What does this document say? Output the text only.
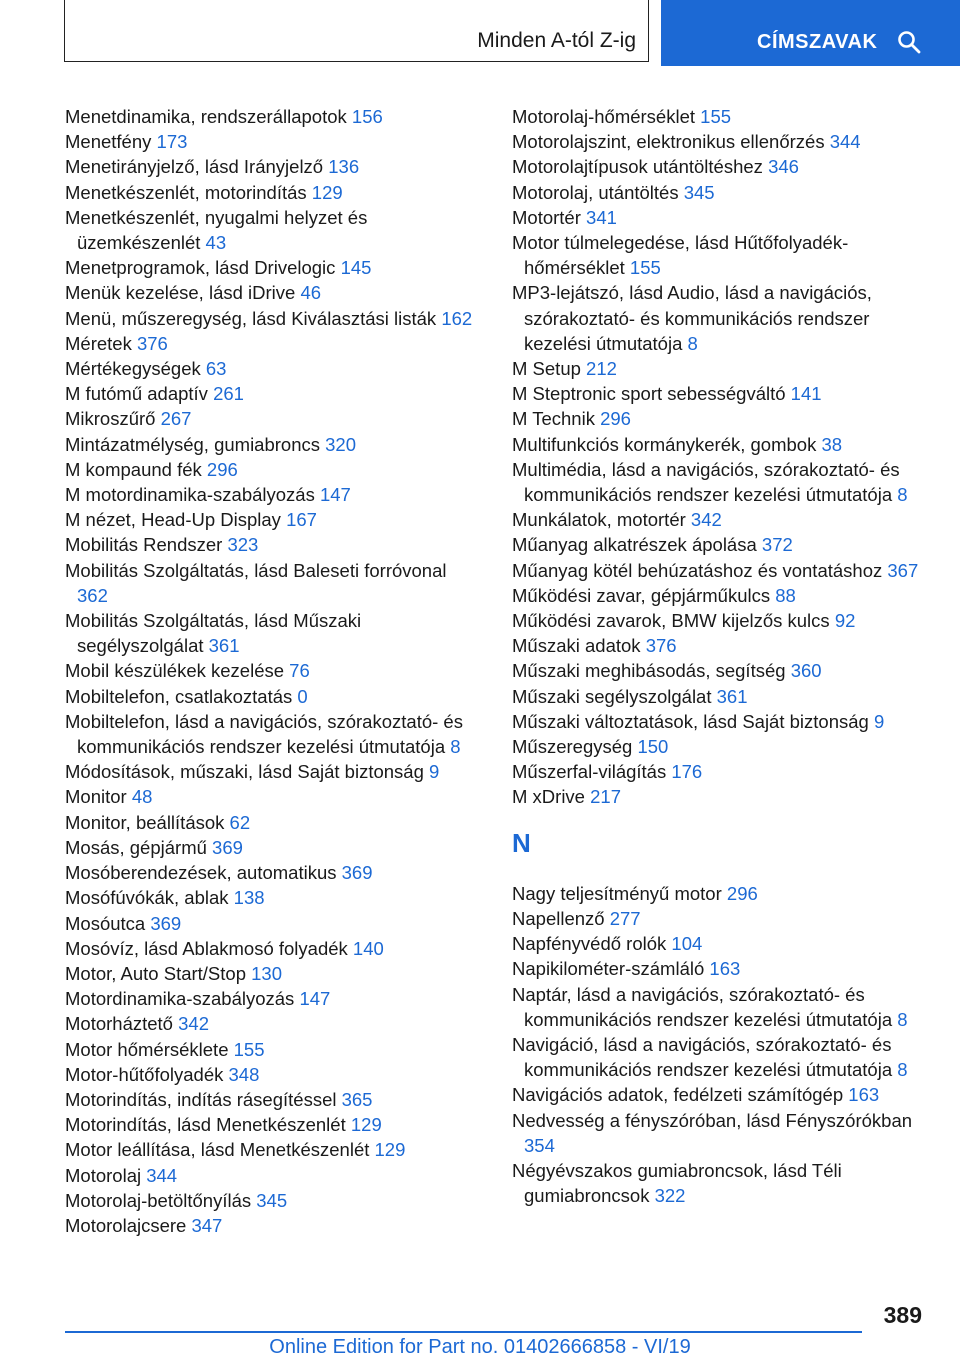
Minden A-tól Z-ig	CÍMSZAVAK
Menetdinamika, rendszerállapotok 156
Menetfény 173
Menetirányjelző, lásd Irányjelző 136
Menetkészenlét, motorindítás 129
Menetkészenlét, nyugalmi helyzet és üzemkészenlét 43
Menetprogramok, lásd Drivelogic 145
Menük kezelése, lásd iDrive 46
Menü, műszeregység, lásd Kiválasztási listák 162
Méretek 376
Mértékegységek 63
M futómű adaptív 261
Mikroszűrő 267
Mintázatmélység, gumiabroncs 320
M kompaund fék 296
M motordinamika-szabályozás 147
M nézet, Head-Up Display 167
Mobilitás Rendszer 323
Mobilitás Szolgáltatás, lásd Baleseti forróvonal 362
Mobilitás Szolgáltatás, lásd Műszaki segélyszolgálat 361
Mobil készülékek kezelése 76
Mobiltelefon, csatlakoztatás 0
Mobiltelefon, lásd a navigációs, szórakoztató- és kommunikációs rendszer kezelési útmutatója 8
Módosítások, műszaki, lásd Saját biztonság 9
Monitor 48
Monitor, beállítások 62
Mosás, gépjármű 369
Mosóberendezések, automatikus 369
Mosófúvókák, ablak 138
Mosóutca 369
Mosóvíz, lásd Ablakmosó folyadék 140
Motor, Auto Start/Stop 130
Motordinamika-szabályozás 147
Motorháztető 342
Motor hőmérséklete 155
Motor-hűtőfolyadék 348
Motorindítás, indítás rásegítéssel 365
Motorindítás, lásd Menetkészenlét 129
Motor leállítása, lásd Menetkészenlét 129
Motorolaj 344
Motorolaj-betöltőnyílás 345
Motorolajcsere 347
Motorolaj-hőmérséklet 155
Motorolajszint, elektronikus ellenőrzés 344
Motorolajtípusok utántöltéshez 346
Motorolaj, utántöltés 345
Motortér 341
Motor túlmelegedése, lásd Hűtőfolyadék-hőmérséklet 155
MP3-lejátszó, lásd Audio, lásd a navigációs, szórakoztató- és kommunikációs rendszer kezelési útmutatója 8
M Setup 212
M Steptronic sport sebességváltó 141
M Technik 296
Multifunkciós kormánykerék, gombok 38
Multimédia, lásd a navigációs, szórakoztató- és kommunikációs rendszer kezelési útmutatója 8
Munkálatok, motortér 342
Műanyag alkatrészek ápolása 372
Műanyag kötél behúzatáshoz és vontatáshoz 367
Működési zavar, gépjárműkulcs 88
Működési zavarok, BMW kijelzős kulcs 92
Műszaki adatok 376
Műszaki meghibásodás, segítség 360
Műszaki segélyszolgálat 361
Műszaki változtatások, lásd Saját biztonság 9
Műszeregység 150
Műszerfal-világítás 176
M xDrive 217
N
Nagy teljesítményű motor 296
Napellenző 277
Napfényvédő rolók 104
Napikilométer-számláló 163
Naptár, lásd a navigációs, szórakoztató- és kommunikációs rendszer kezelési útmutatója 8
Navigáció, lásd a navigációs, szórakoztató- és kommunikációs rendszer kezelési útmutatója 8
Navigációs adatok, fedélzeti számítógép 163
Nedvesség a fényszóróban, lásd Fényszórókban 354
Négyévszakos gumiabroncsok, lásd Téli gumiabroncsok 322
389
Online Edition for Part no. 01402666858 - VI/19
